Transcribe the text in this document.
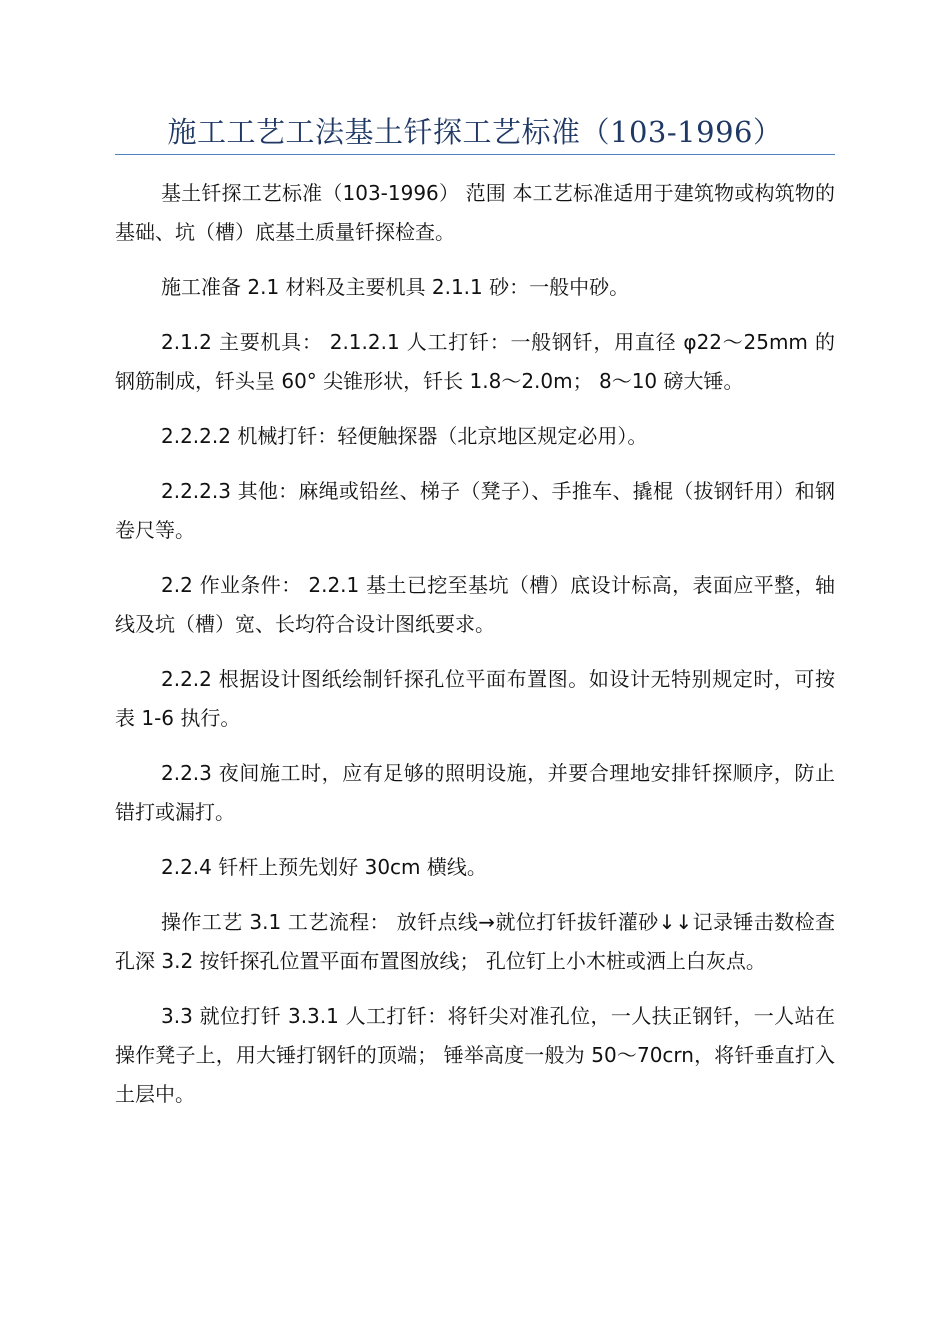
施工工艺工法基土钎探工艺标准（103-1996）

基土钎探工艺标准（103-1996） 范围 本工艺标准适用于建筑物或构筑物的基础、坑（槽）底基土质量钎探检查。

施工准备 2.1 材料及主要机具 2.1.1 砂：一般中砂。

2.1.2 主要机具： 2.1.2.1 人工打钎：一般钢钎，用直径 φ22～25mm 的钢筋制成，钎头呈 60° 尖锥形状，钎长 1.8～2.0m； 8～10 磅大锤。

2.2.2.2 机械打钎：轻便触探器（北京地区规定必用）。

2.2.2.3 其他：麻绳或铅丝、梯子（凳子）、手推车、撬棍（拔钢钎用）和钢卷尺等。

2.2 作业条件： 2.2.1 基土已挖至基坑（槽）底设计标高，表面应平整，轴线及坑（槽）宽、长均符合设计图纸要求。

2.2.2 根据设计图纸绘制钎探孔位平面布置图。如设计无特别规定时，可按表 1-6 执行。

2.2.3 夜间施工时，应有足够的照明设施，并要合理地安排钎探顺序，防止错打或漏打。

2.2.4 钎杆上预先划好 30cm 横线。

操作工艺 3.1 工艺流程： 放钎点线→就位打钎拔钎灌砂↓↓记录锤击数检查孔深 3.2 按钎探孔位置平面布置图放线； 孔位钉上小木桩或洒上白灰点。

3.3 就位打钎 3.3.1 人工打钎：将钎尖对准孔位，一人扶正钢钎，一人站在操作凳子上，用大锤打钢钎的顶端； 锤举高度一般为 50～70crn，将钎垂直打入土层中。
